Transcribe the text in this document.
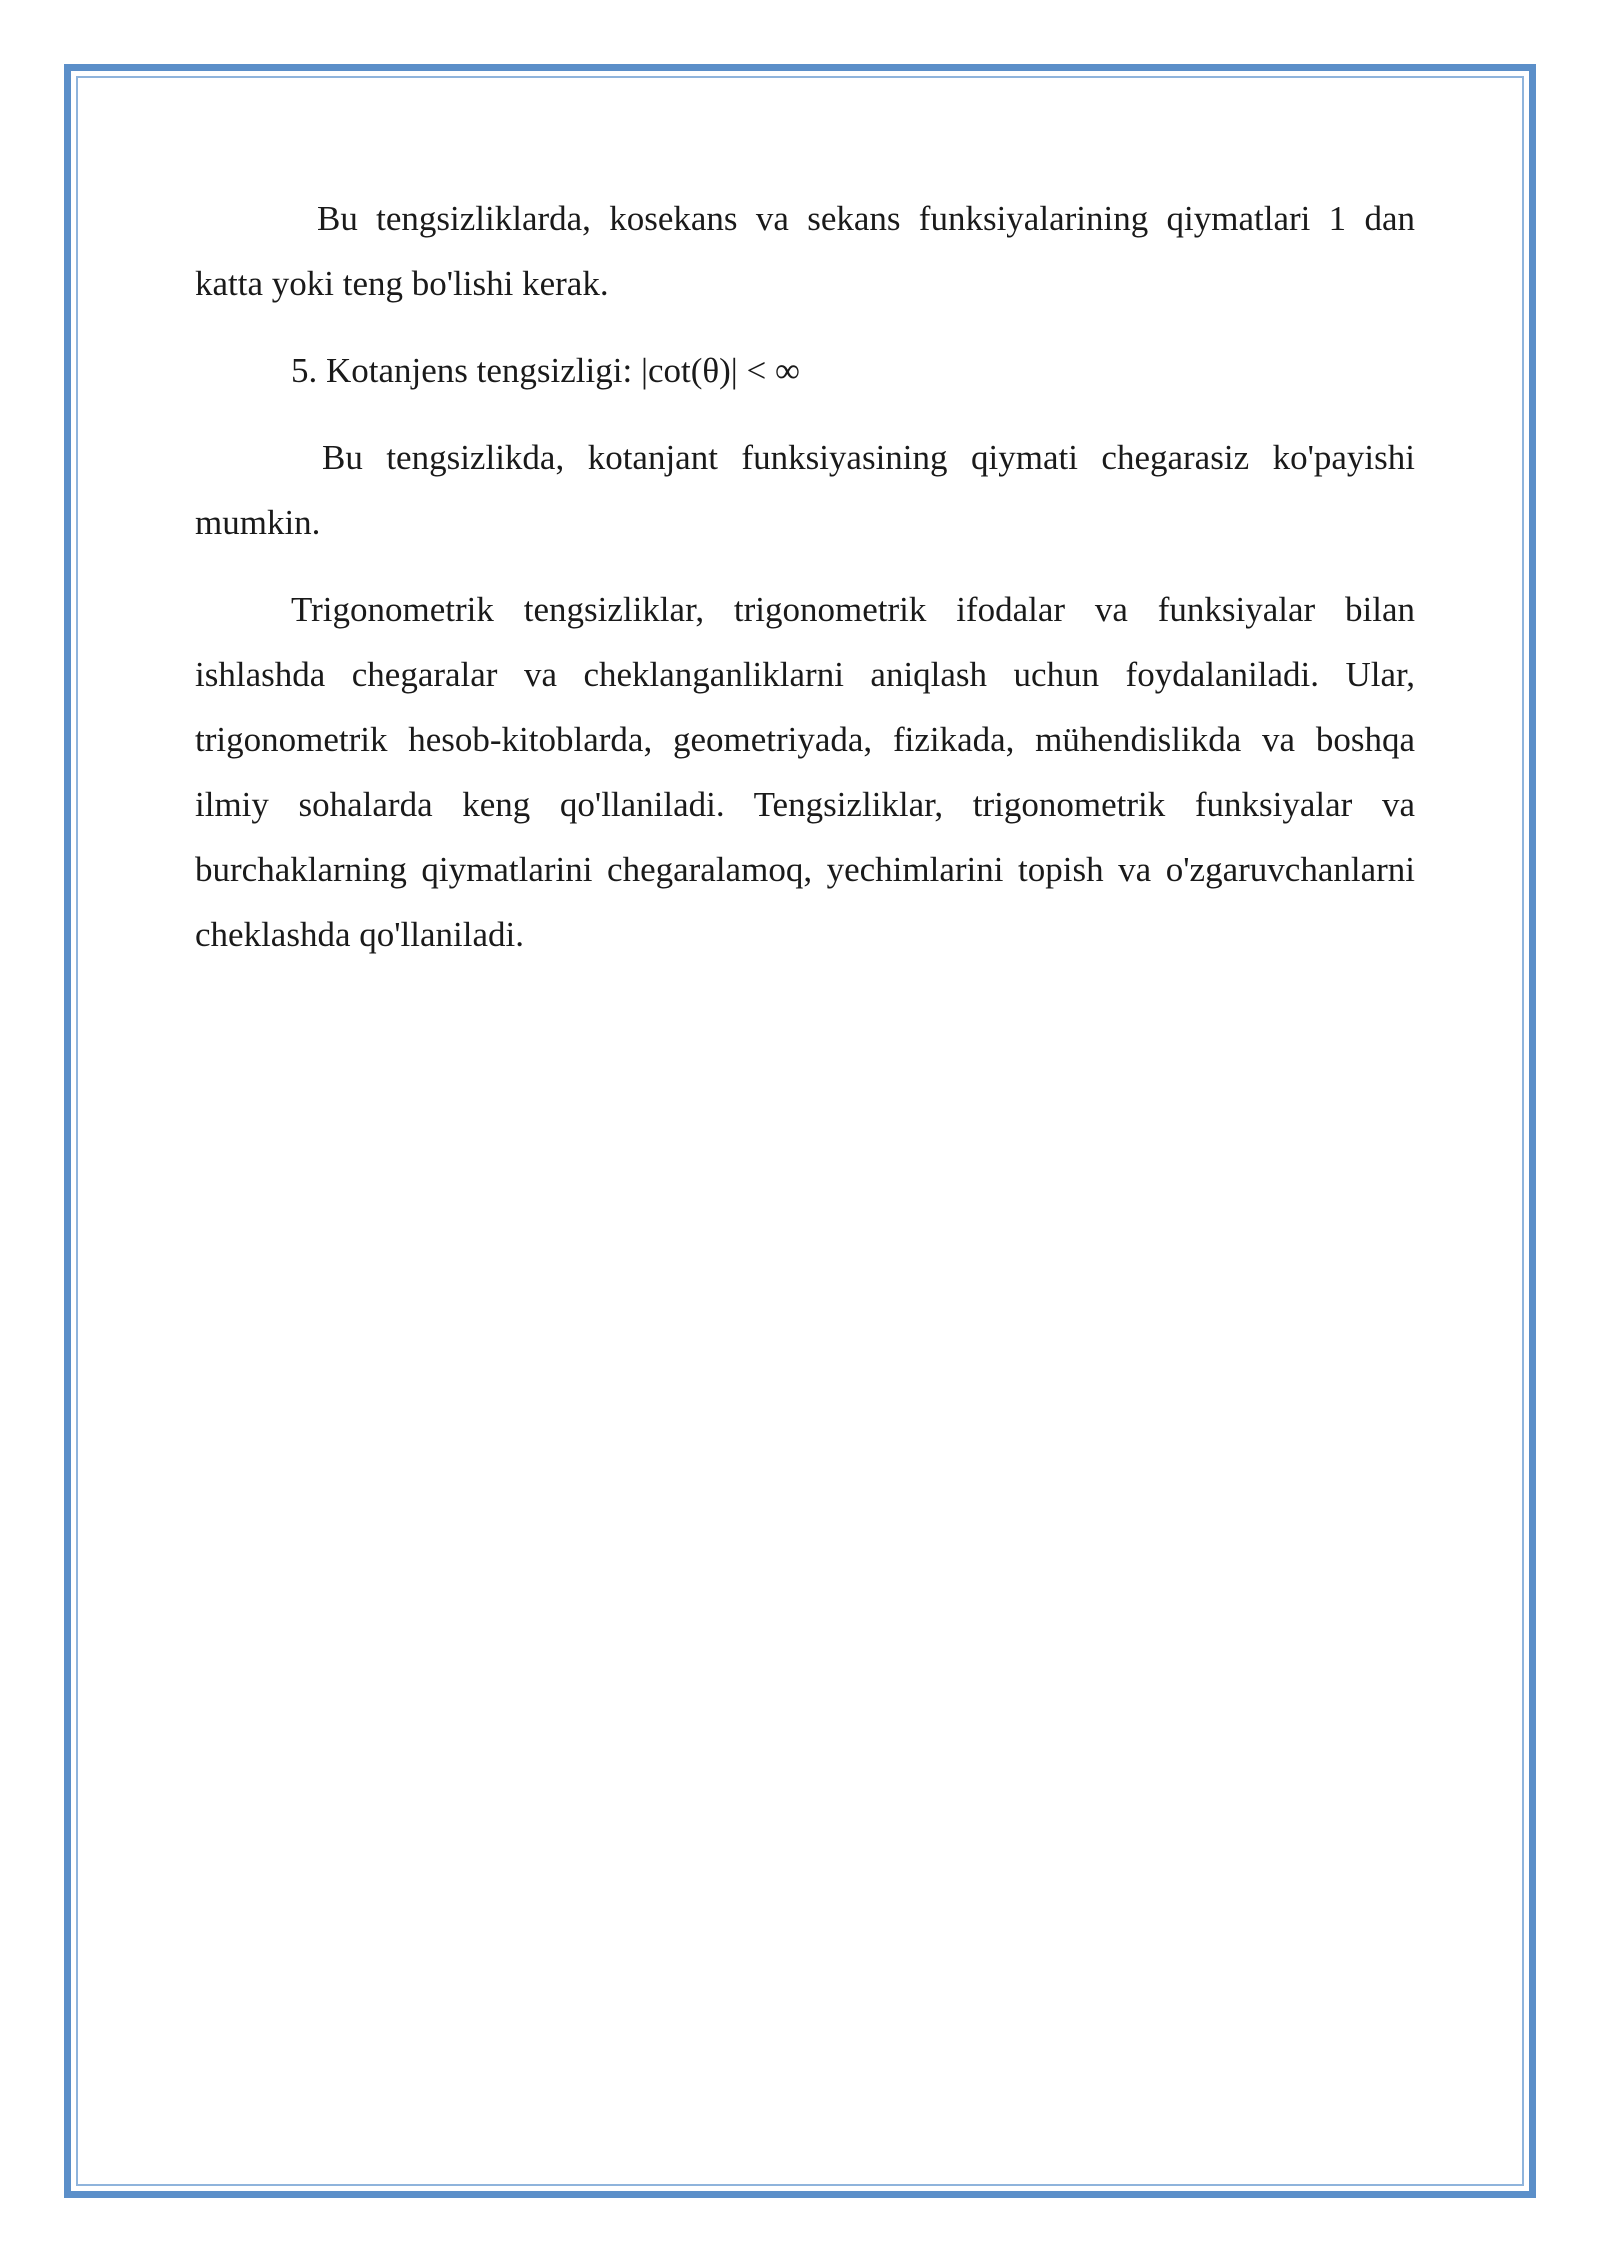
Bu tengsizliklarda, kosekans va sekans funksiyalarining qiymatlari 1 dan katta yoki teng bo'lishi kerak.

5. Kotanjens tengsizligi: |cot(θ)| < ∞

Bu tengsizlikda, kotanjant funksiyasining qiymati chegarasiz ko'payishi mumkin.

Trigonometrik tengsizliklar, trigonometrik ifodalar va funksiyalar bilan ishlashda chegaralar va cheklanganliklarni aniqlash uchun foydalaniladi. Ular, trigonometrik hesob-kitoblarda, geometriyada, fizikada, mühendislikda va boshqa ilmiy sohalarda keng qo'llaniladi. Tengsizliklar, trigonometrik funksiyalar va burchaklarning qiymatlarini chegaralamoq, yechimlarini topish va o'zgaruvchanlarni cheklashda qo'llaniladi.
